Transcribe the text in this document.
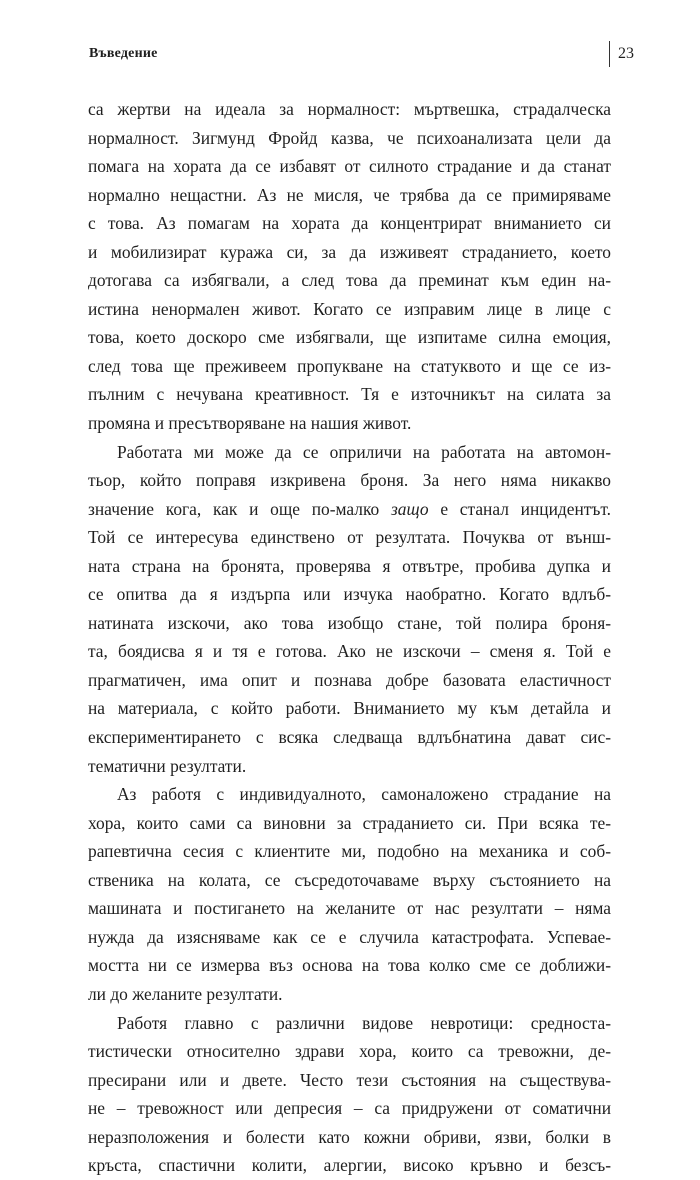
Въведение	23
са жертви на идеала за нормалност: мъртвешка, страдалческа
нормалност. Зигмунд Фройд казва, че психоанализата цели да
помага на хората да се избавят от силното страдание и да станат
нормално нещастни. Аз не мисля, че трябва да се примиряваме
с това. Аз помагам на хората да концентрират вниманието си
и мобилизират куража си, за да изживеят страданието, което
дотогава са избягвали, а след това да преминат към един на-
истина ненормален живот. Когато се изправим лице в лице с
това, което доскоро сме избягвали, ще изпитаме силна емоция,
след това ще преживеем пропукване на статуквото и ще се из-
пълним с нечувана креативност. Тя е източникът на силата за
промяна и пресътворяване на нашия живот.
Работата ми може да се оприличи на работата на автомон-
тьор, който поправя изкривена броня. За него няма никакво
значение кога, как и още по-малко защо е станал инцидентът.
Той се интересува единствено от резултата. Почуква от външ-
ната страна на бронята, проверява я отвътре, пробива дупка и
се опитва да я издърпа или изчука наобратно. Когато вдлъб-
натината изскочи, ако това изобщо стане, той полира броня-
та, боядисва я и тя е готова. Ако не изскочи – сменя я. Той е
прагматичен, има опит и познава добре базовата еластичност
на материала, с който работи. Вниманието му към детайла и
експериментирането с всяка следваща вдлъбнатина дават сис-
тематични резултати.
Аз работя с индивидуалното, самоналожено страдание на
хора, които сами са виновни за страданието си. При всяка те-
рапевтична сесия с клиентите ми, подобно на механика и соб-
ственика на колата, се съсредоточаваме върху състоянието на
машината и постигането на желаните от нас резултати – няма
нужда да изясняваме как се е случила катастрофата. Успевае-
мостта ни се измерва въз основа на това колко сме се доближи-
ли до желаните резултати.
Работя главно с различни видове невротици: средноста-
тистически относително здрави хора, които са тревожни, де-
пресирани или и двете. Често тези състояния на съществува-
не – тревожност или депресия – са придружени от соматични
неразположения и болести като кожни обриви, язви, болки в
кръста, спастични колити, алергии, високо кръвно и безсъ-
